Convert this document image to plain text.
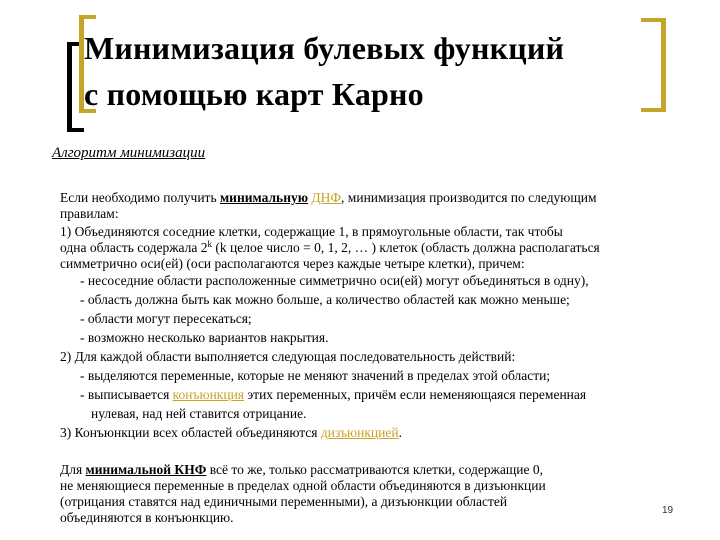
Минимизация булевых функций
с помощью карт Карно
Алгоритм минимизации
Если необходимо получить минимальную ДНФ, минимизация производится по следующим
правилам:
1) Объединяются соседние клетки, содержащие 1, в прямоугольные области, так чтобы
одна область содержала 2$^k$ (k целое число = 0, 1, 2, … ) клеток (область должна располагаться
симметрично оси(ей) (оси располагаются через каждые четыре клетки), причем:
- несоседние области расположенные симметрично оси(ей) могут объединяться в одну),
- область должна быть как можно больше, а количество областей как можно меньше;
- области могут пересекаться;
- возможно несколько вариантов накрытия.
2) Для каждой области выполняется следующая последовательность действий:
- выделяются переменные, которые не меняют значений в пределах этой области;
- выписывается конъюнкция этих переменных, причём если неменяющаяся переменная
нулевая, над ней ставится отрицание.
3) Конъюнкции всех областей объединяются дизъюнкцией.
Для минимальной КНФ всё то же, только рассматриваются клетки, содержащие 0,
не меняющиеся переменные в пределах одной области объединяются в дизъюнкции
(отрицания ставятся над единичными переменными), а дизъюнкции областей
объединяются в конъюнкцию.	19
